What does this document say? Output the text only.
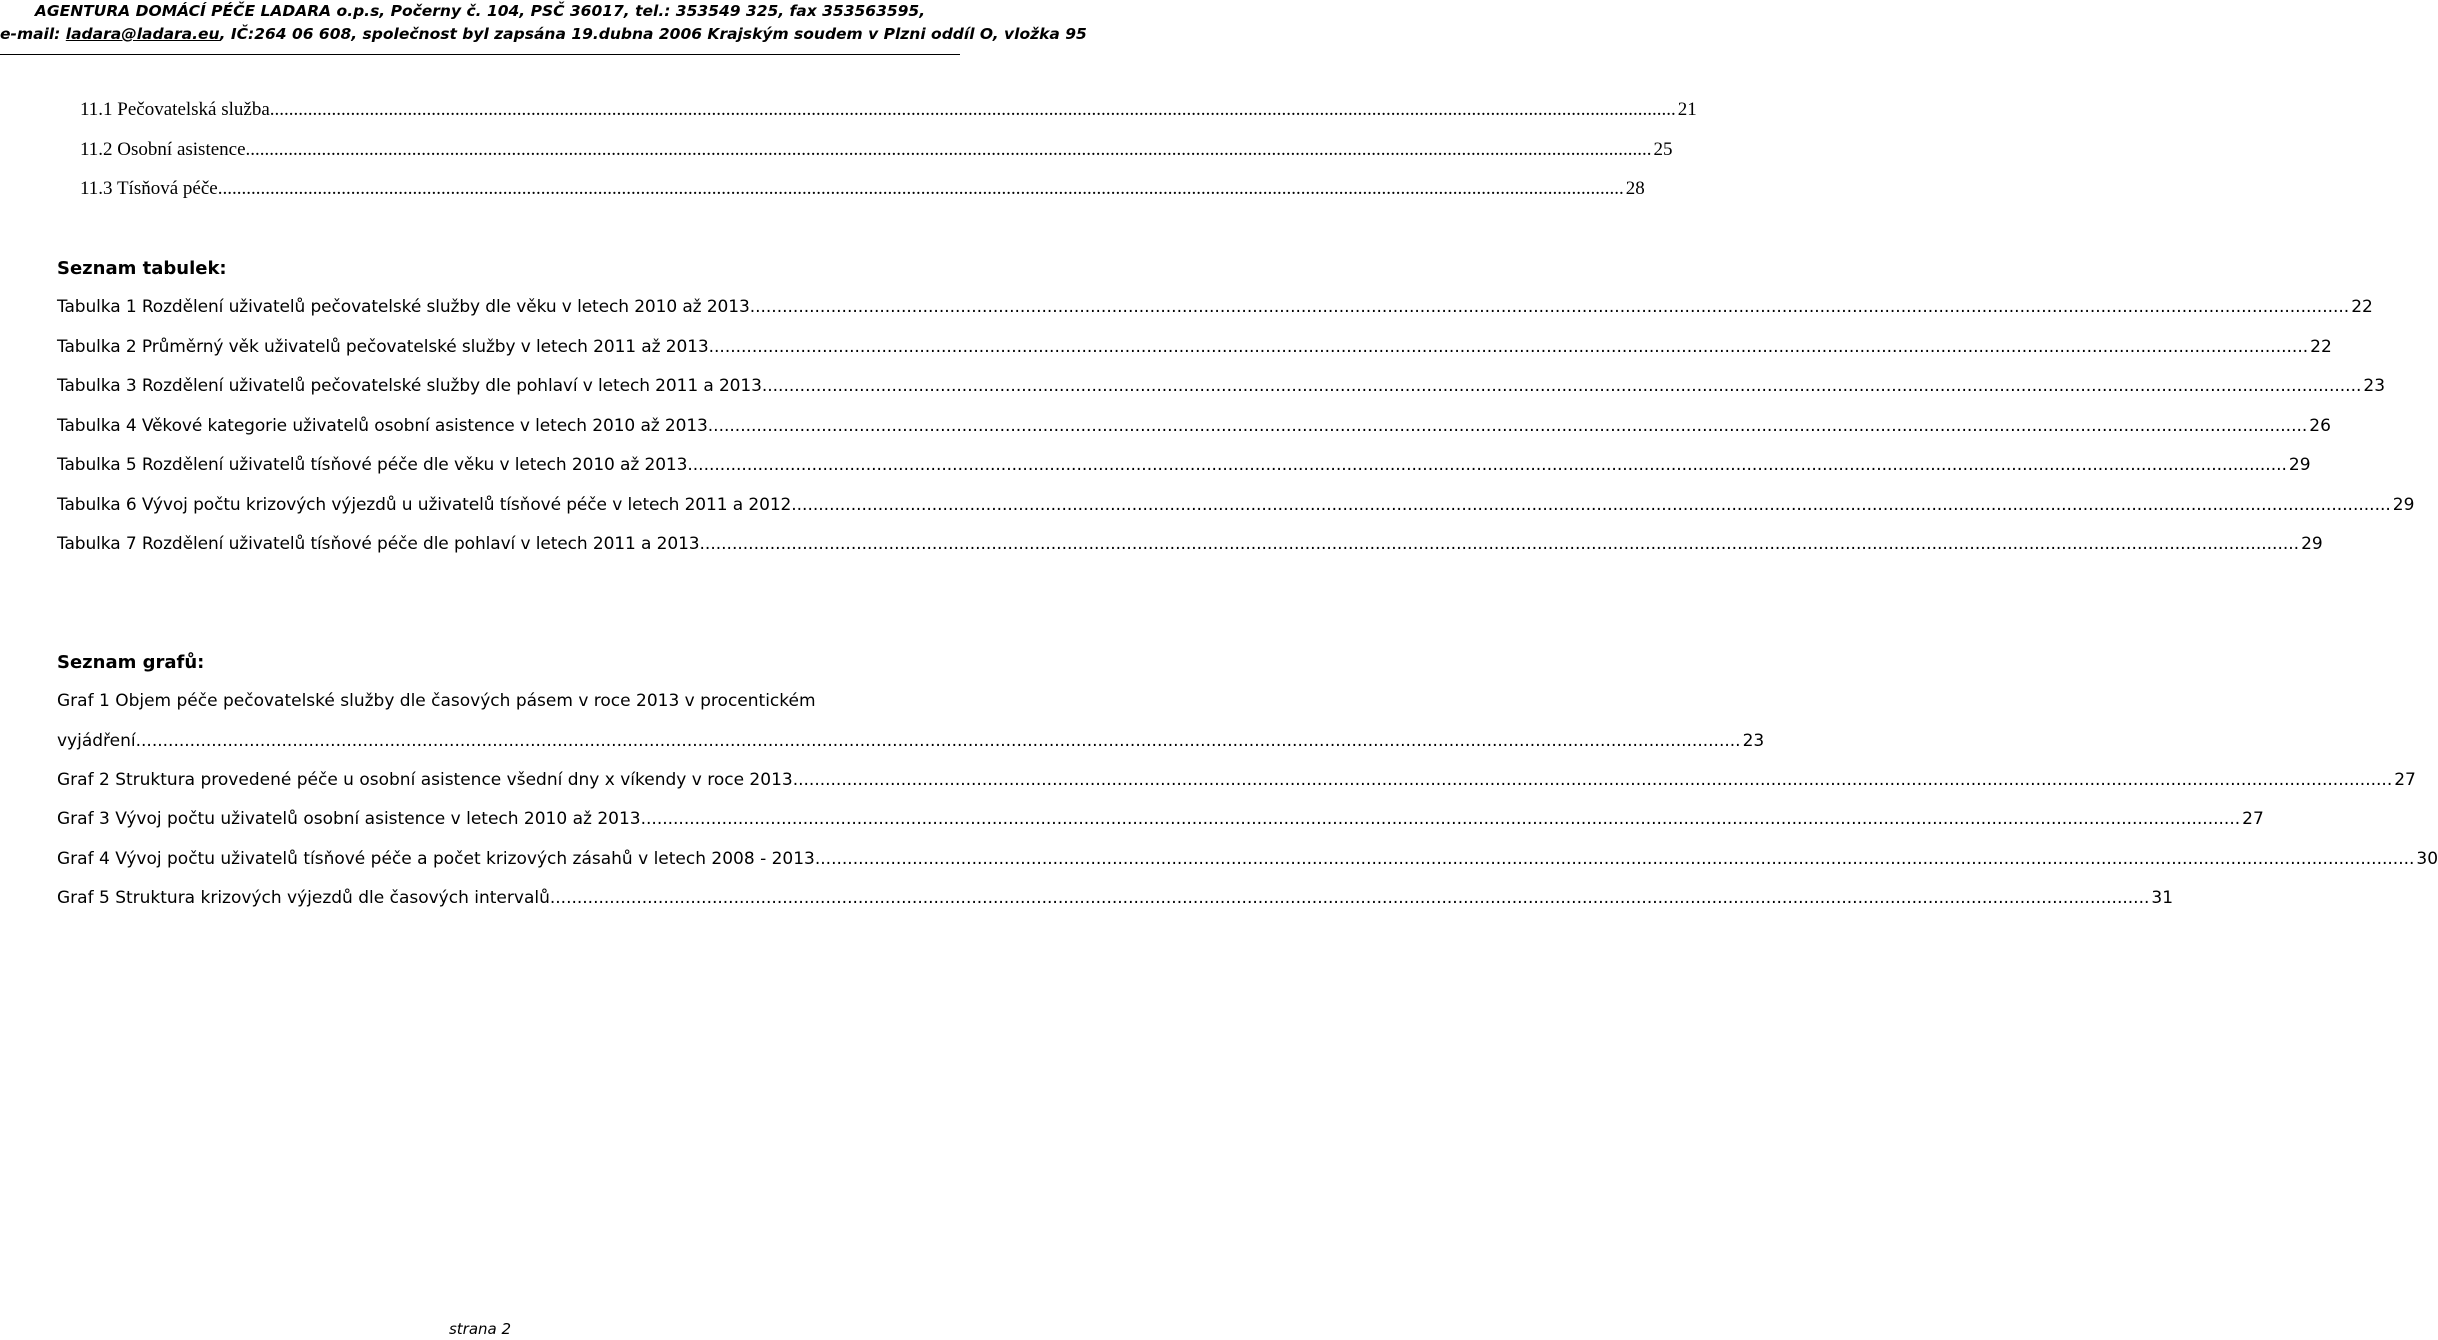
AGENTURA DOMÁCÍ PÉČE LADARA o.p.s, Počerny č. 104, PSČ 36017, tel.: 353549 325, fax 353563595,
e-mail: ladara@ladara.eu, IČ:264 06 608, společnost byl zapsána 19.dubna 2006 Krajským soudem v Plzni oddíl O, vložka 95
11.1 Pečovatelská služba .....	21
11.2 Osobní asistence .....	25
11.3 Tísňová péče .....	28
Seznam tabulek:
Tabulka 1 Rozdělení uživatelů pečovatelské služby dle věku v letech 2010 až 2013 .....	22
Tabulka 2 Průměrný věk uživatelů pečovatelské služby v letech 2011 až 2013 .....	22
Tabulka 3 Rozdělení uživatelů pečovatelské služby dle pohlaví v letech 2011 a 2013 .....	23
Tabulka 4 Věkové kategorie uživatelů osobní asistence v letech 2010 až 2013 .....	26
Tabulka 5 Rozdělení uživatelů tísňové péče dle věku v letech 2010 až 2013 .....	29
Tabulka 6 Vývoj počtu krizových výjezdů u uživatelů tísňové péče v letech 2011 a 2012 .....	29
Tabulka 7 Rozdělení uživatelů tísňové péče dle pohlaví v letech 2011 a 2013 .....	29
Seznam grafů:
Graf 1 Objem péče pečovatelské služby dle časových pásem v roce 2013 v procentickém
vyjádření. .....	23
Graf 2 Struktura provedené péče u osobní asistence všední dny x víkendy v roce 2013 .....	27
Graf 3 Vývoj počtu uživatelů osobní asistence v letech 2010 až 2013 .....	27
Graf 4 Vývoj počtu uživatelů tísňové péče a počet krizových zásahů v letech 2008 - 2013 .....	30
Graf 5 Struktura krizových výjezdů dle časových intervalů .....	31
strana 2
